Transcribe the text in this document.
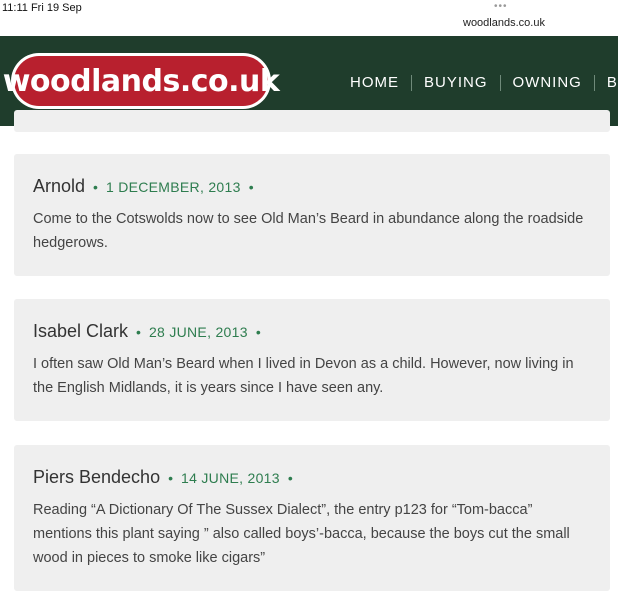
11:11 Fri 19 Sep	•••
woodlands.co.uk
woodlands.co.uk	HOME BUYING OWNING BLO
Arnold • 1 DECEMBER, 2013 •
Come to the Cotswolds now to see Old Man’s Beard in abundance along the roadside hedgerows.
Isabel Clark • 28 JUNE, 2013 •
I often saw Old Man’s Beard when I lived in Devon as a child. However, now living in the English Midlands, it is years since I have seen any.
Piers Bendecho • 14 JUNE, 2013 •
Reading “A Dictionary Of The Sussex Dialect”, the entry p123 for “Tom-bacca” mentions this plant saying ” also called boys’-bacca, because the boys cut the small wood in pieces to smoke like cigars”
